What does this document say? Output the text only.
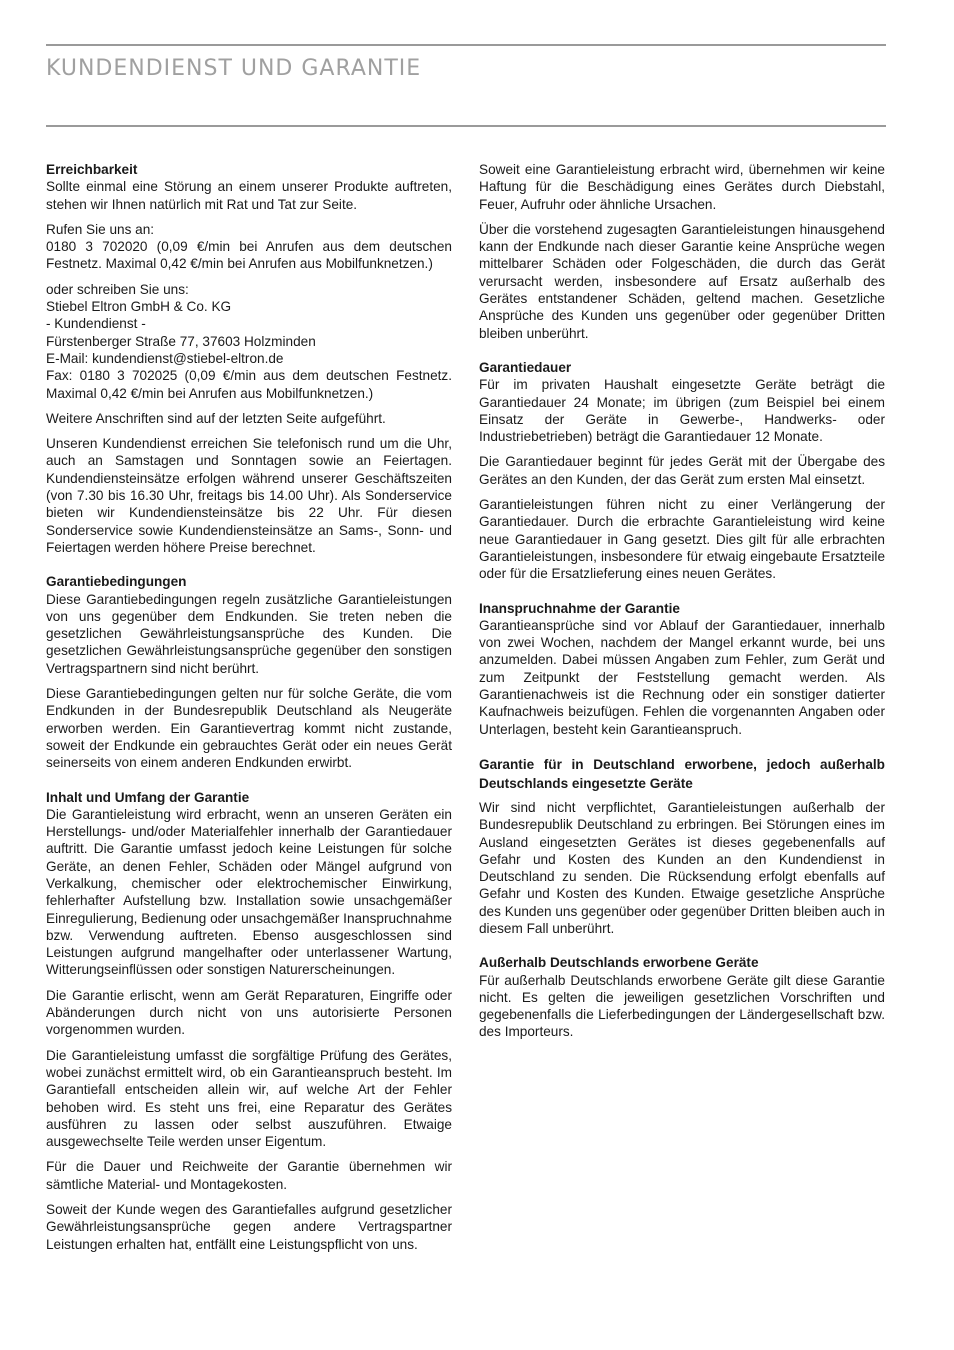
KUNDENDIENST UND GARANTIE
Erreichbarkeit

Sollte einmal eine Störung an einem unserer Produkte auftreten, stehen wir Ihnen natürlich mit Rat und Tat zur Seite.

Rufen Sie uns an:
0180 3 702020 (0,09 €/min bei Anrufen aus dem deutschen Festnetz. Maximal 0,42 €/min bei Anrufen aus Mobilfunknetzen.)

oder schreiben Sie uns:
Stiebel Eltron GmbH & Co. KG
- Kundendienst -
Fürstenberger Straße 77, 37603 Holzminden
E-Mail: kundendienst@stiebel-eltron.de
Fax: 0180 3 702025 (0,09 €/min aus dem deutschen Festnetz. Maximal 0,42 €/min bei Anrufen aus Mobilfunknetzen.)

Weitere Anschriften sind auf der letzten Seite aufgeführt.

Unseren Kundendienst erreichen Sie telefonisch rund um die Uhr, auch an Samstagen und Sonntagen sowie an Feiertagen. Kundendiensteinsätze erfolgen während unserer Geschäftszeiten (von 7.30 bis 16.30 Uhr, freitags bis 14.00 Uhr). Als Sonderservice bieten wir Kundendiensteinsätze bis 22 Uhr. Für diesen Sonderservice sowie Kundendiensteinsätze an Sams-, Sonn- und Feiertagen werden höhere Preise berechnet.

Garantiebedingungen

Diese Garantiebedingungen regeln zusätzliche Garantieleistungen von uns gegenüber dem Endkunden. Sie treten neben die gesetzlichen Gewährleistungsansprüche des Kunden. Die gesetzlichen Gewährleistungsansprüche gegenüber den sonstigen Vertragspartnern sind nicht berührt.

Diese Garantiebedingungen gelten nur für solche Geräte, die vom Endkunden in der Bundesrepublik Deutschland als Neugeräte erworben werden. Ein Garantievertrag kommt nicht zustande, soweit der Endkunde ein gebrauchtes Gerät oder ein neues Gerät seinerseits von einem anderen Endkunden erwirbt.

Inhalt und Umfang der Garantie

Die Garantieleistung wird erbracht, wenn an unseren Geräten ein Herstellungs- und/oder Materialfehler innerhalb der Garantiedauer auftritt. Die Garantie umfasst jedoch keine Leistungen für solche Geräte, an denen Fehler, Schäden oder Mängel aufgrund von Verkalkung, chemischer oder elektrochemischer Einwirkung, fehlerhafter Aufstellung bzw. Installation sowie unsachgemäßer Einregulierung, Bedienung oder unsachgemäßer Inanspruchnahme bzw. Verwendung auftreten. Ebenso ausgeschlossen sind Leistungen aufgrund mangelhafter oder unterlassener Wartung, Witterungseinflüssen oder sonstigen Naturerscheinungen.

Die Garantie erlischt, wenn am Gerät Reparaturen, Eingriffe oder Abänderungen durch nicht von uns autorisierte Personen vorgenommen wurden.

Die Garantieleistung umfasst die sorgfältige Prüfung des Gerätes, wobei zunächst ermittelt wird, ob ein Garantieanspruch besteht. Im Garantiefall entscheiden allein wir, auf welche Art der Fehler behoben wird. Es steht uns frei, eine Reparatur des Gerätes ausführen zu lassen oder selbst auszuführen. Etwaige ausgewechselte Teile werden unser Eigentum.

Für die Dauer und Reichweite der Garantie übernehmen wir sämtliche Material- und Montagekosten.

Soweit der Kunde wegen des Garantiefalles aufgrund gesetzlicher Gewährleistungsansprüche gegen andere Vertragspartner Leistungen erhalten hat, entfällt eine Leistungspflicht von uns.

Soweit eine Garantieleistung erbracht wird, übernehmen wir keine Haftung für die Beschädigung eines Gerätes durch Diebstahl, Feuer, Aufruhr oder ähnliche Ursachen.

Über die vorstehend zugesagten Garantieleistungen hinausgehend kann der Endkunde nach dieser Garantie keine Ansprüche wegen mittelbarer Schäden oder Folgeschäden, die durch das Gerät verursacht werden, insbesondere auf Ersatz außerhalb des Gerätes entstandener Schäden, geltend machen. Gesetzliche Ansprüche des Kunden uns gegenüber oder gegenüber Dritten bleiben unberührt.

Garantiedauer

Für im privaten Haushalt eingesetzte Geräte beträgt die Garantiedauer 24 Monate; im übrigen (zum Beispiel bei einem Einsatz der Geräte in Gewerbe-, Handwerks- oder Industriebetrieben) beträgt die Garantiedauer 12 Monate.

Die Garantiedauer beginnt für jedes Gerät mit der Übergabe des Gerätes an den Kunden, der das Gerät zum ersten Mal einsetzt.

Garantieleistungen führen nicht zu einer Verlängerung der Garantiedauer. Durch die erbrachte Garantieleistung wird keine neue Garantiedauer in Gang gesetzt. Dies gilt für alle erbrachten Garantieleistungen, insbesondere für etwaig eingebaute Ersatzteile oder für die Ersatzlieferung eines neuen Gerätes.

Inanspruchnahme der Garantie

Garantieansprüche sind vor Ablauf der Garantiedauer, innerhalb von zwei Wochen, nachdem der Mangel erkannt wurde, bei uns anzumelden. Dabei müssen Angaben zum Fehler, zum Gerät und zum Zeitpunkt der Feststellung gemacht werden. Als Garantienachweis ist die Rechnung oder ein sonstiger datierter Kaufnachweis beizufügen. Fehlen die vorgenannten Angaben oder Unterlagen, besteht kein Garantieanspruch.

Garantie für in Deutschland erworbene, jedoch außerhalb Deutschlands eingesetzte Geräte

Wir sind nicht verpflichtet, Garantieleistungen außerhalb der Bundesrepublik Deutschland zu erbringen. Bei Störungen eines im Ausland eingesetzten Gerätes ist dieses gegebenenfalls auf Gefahr und Kosten des Kunden an den Kundendienst in Deutschland zu senden. Die Rücksendung erfolgt ebenfalls auf Gefahr und Kosten des Kunden. Etwaige gesetzliche Ansprüche des Kunden uns gegenüber oder gegenüber Dritten bleiben auch in diesem Fall unberührt.

Außerhalb Deutschlands erworbene Geräte

Für außerhalb Deutschlands erworbene Geräte gilt diese Garantie nicht. Es gelten die jeweiligen gesetzlichen Vorschriften und gegebenenfalls die Lieferbedingungen der Ländergesellschaft bzw. des Importeurs.
